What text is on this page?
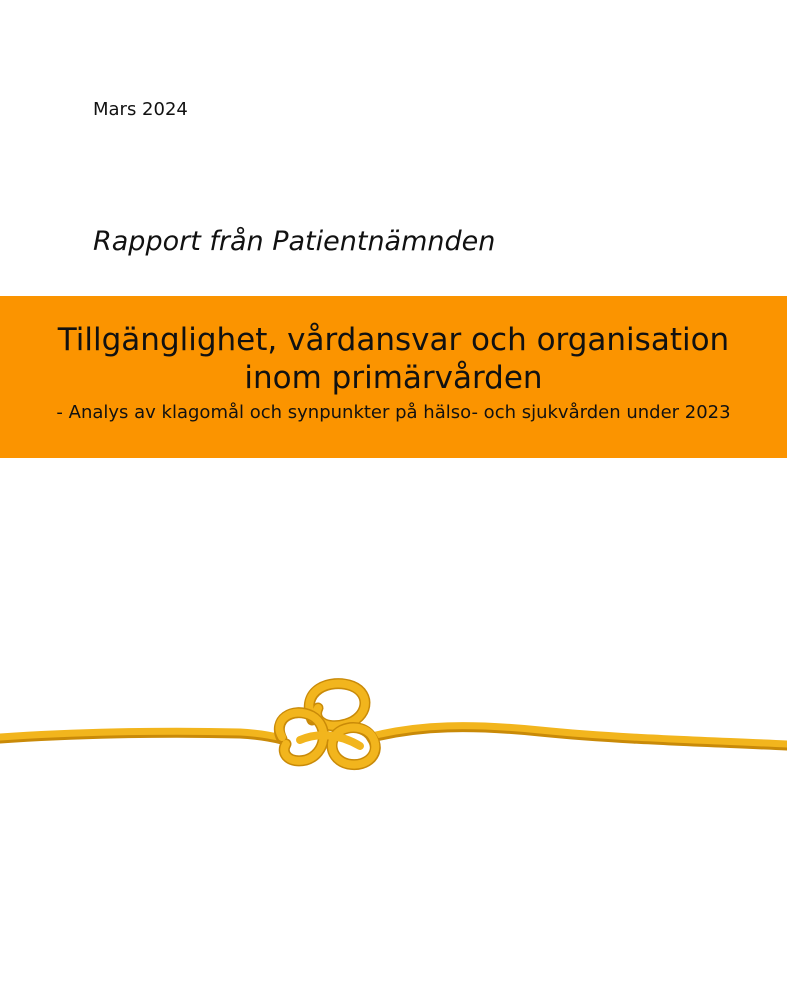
Mars 2024
Rapport från Patientnämnden
Tillgänglighet, vårdansvar och organisation
inom primärvården

- Analys av klagomål och synpunkter på hälso- och sjukvården under 2023
